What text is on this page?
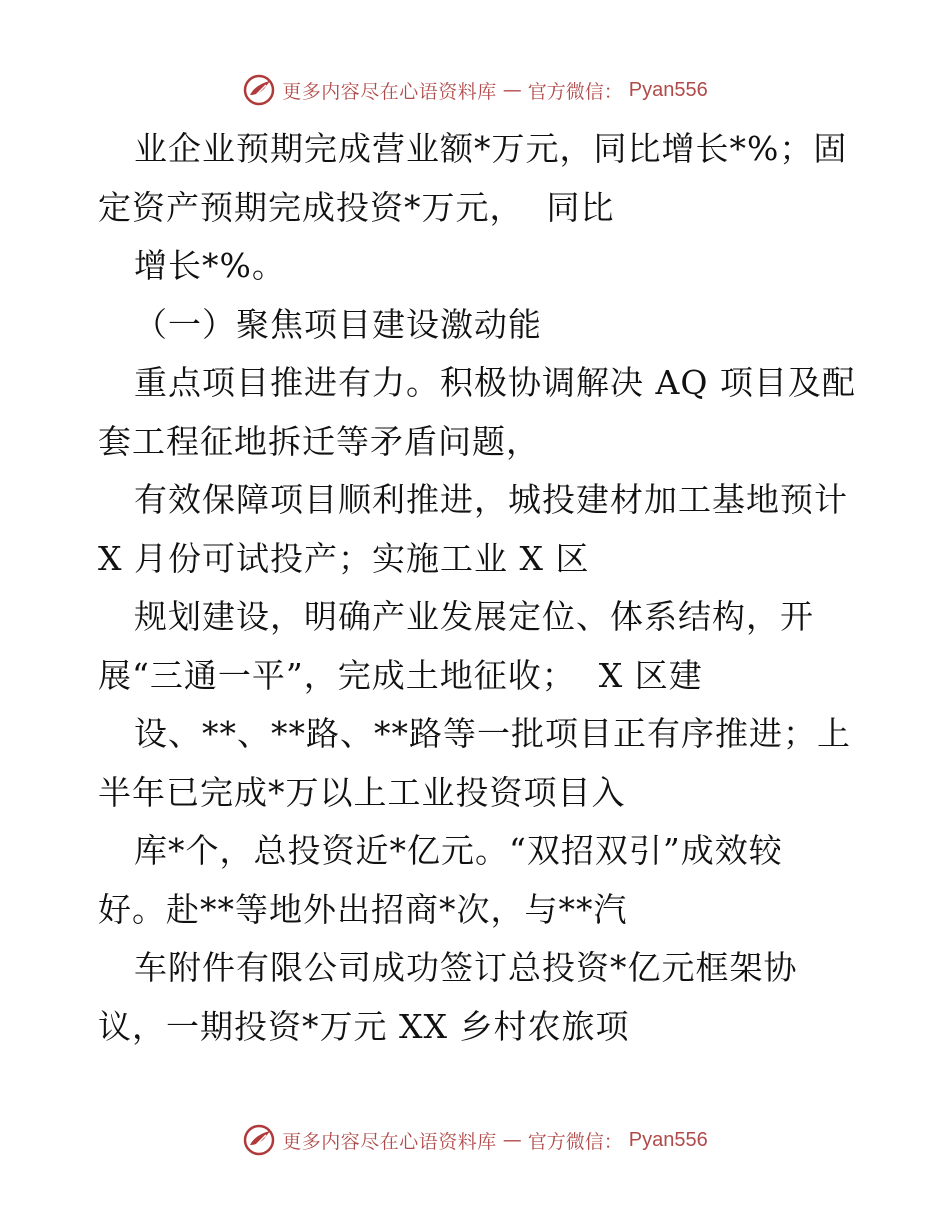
更多内容尽在心语资料库 — 官方微信： Pyan556
业企业预期完成营业额*万元，同比增长*%；固
定资产预期完成投资*万元，  同比
增长*%。
（一）聚焦项目建设激动能
重点项目推进有力。积极协调解决 AQ 项目及配
套工程征地拆迁等矛盾问题，
有效保障项目顺利推进，城投建材加工基地预计
X 月份可试投产；实施工业 X 区
规划建设，明确产业发展定位、体系结构，开
展“三通一平”，完成土地征收；  X 区建
设、**、**路、**路等一批项目正有序推进；上
半年已完成*万以上工业投资项目入
库*个，总投资近*亿元。“双招双引”成效较
好。赴**等地外出招商*次，与**汽
车附件有限公司成功签订总投资*亿元框架协
议，一期投资*万元 XX 乡村农旅项
更多内容尽在心语资料库 — 官方微信： Pyan556
